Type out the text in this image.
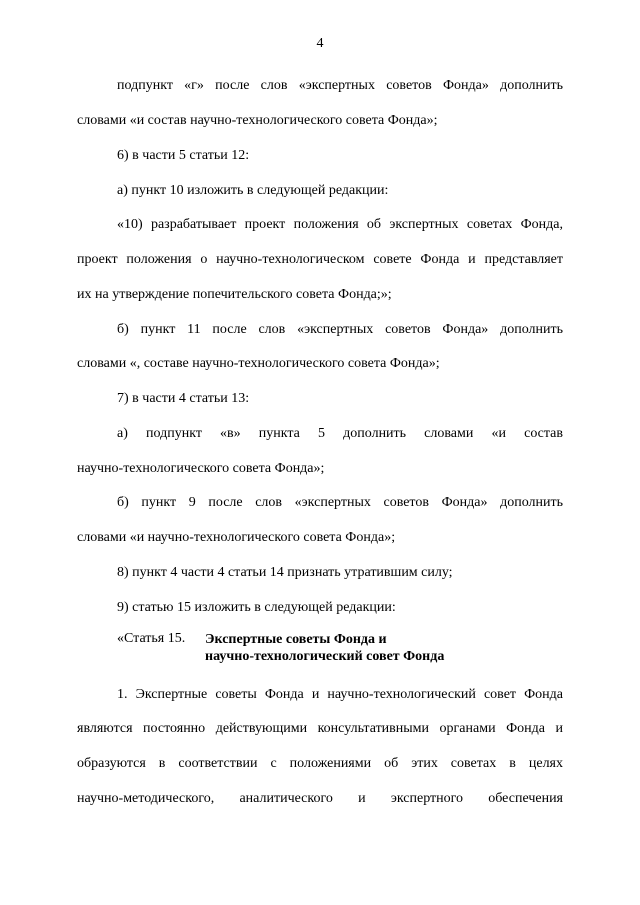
4
подпункт «г» после слов «экспертных советов Фонда» дополнить
словами «и состав научно-технологического совета Фонда»;
6) в части 5 статьи 12:
а) пункт 10 изложить в следующей редакции:
«10) разрабатывает проект положения об экспертных советах Фонда,
проект положения о научно-технологическом совете Фонда и представляет
их на утверждение попечительского совета Фонда;»;
б) пункт 11 после слов «экспертных советов Фонда» дополнить
словами «, составе научно-технологического совета Фонда»;
7) в части 4 статьи 13:
а) подпункт «в» пункта 5 дополнить словами «и состав
научно-технологического совета Фонда»;
б) пункт 9 после слов «экспертных советов Фонда» дополнить
словами «и научно-технологического совета Фонда»;
8) пункт 4 части 4 статьи 14 признать утратившим силу;
9) статью 15 изложить в следующей редакции:
«Статья 15. Экспертные советы Фонда и
научно-технологический совет Фонда
1. Экспертные советы Фонда и научно-технологический совет Фонда
являются постоянно действующими консультативными органами Фонда и
образуются в соответствии с положениями об этих советах в целях
научно-методического, аналитического и экспертного обеспечения
